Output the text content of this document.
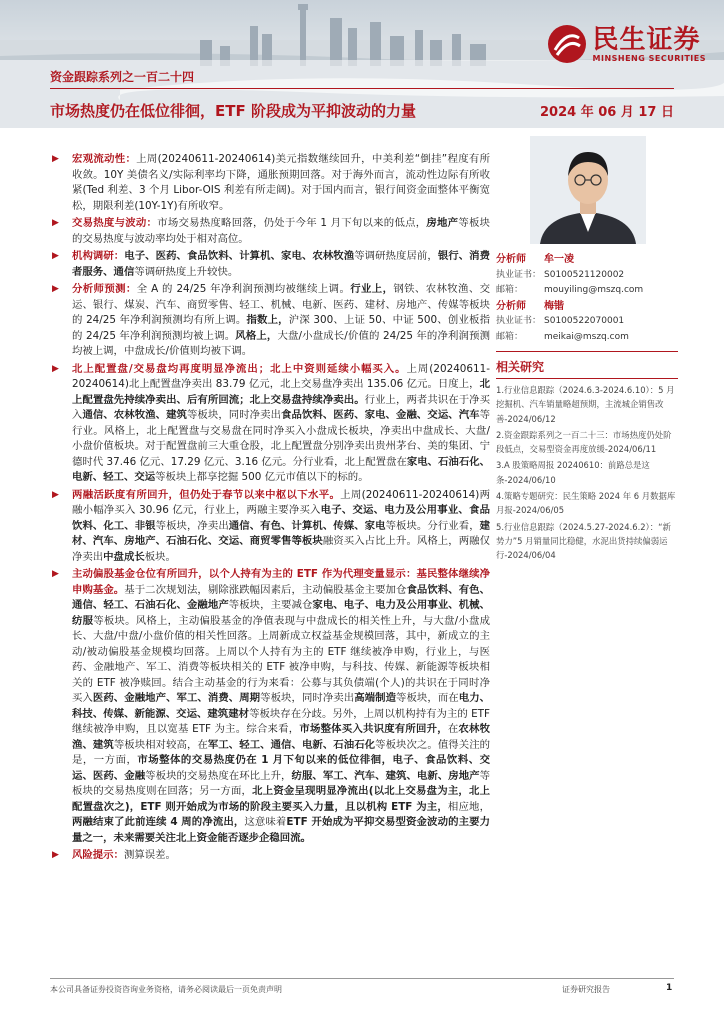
民生证券
MINSHENG SECURITIES
资金跟踪系列之一百二十四
市场热度仍在低位徘徊，ETF 阶段成为平抑波动的力量	2024 年 06 月 17 日

▶ 宏观流动性：上周(20240611-20240614)美元指数继续回升，中美利差“倒挂”程度有所收敛。10Y 美债名义/实际利率均下降，通胀预期回落。对于海外而言，流动性边际有所收紧(Ted 利差、3 个月 Libor-OIS 利差有所走阔)。对于国内而言，银行间资金面整体平衡宽松，期限利差(10Y-1Y)有所收窄。

▶ 交易热度与波动：市场交易热度略回落，仍处于今年 1 月下旬以来的低点，房地产等板块的交易热度与波动率均处于相对高位。

▶ 机构调研：电子、医药、食品饮料、计算机、家电、农林牧渔等调研热度居前，银行、消费者服务、通信等调研热度上升较快。

▶ 分析师预测：全 A 的 24/25 年净利润预测均被继续上调。行业上，钢铁、农林牧渔、交运、银行、煤炭、汽车、商贸零售、轻工、机械、电新、医药、建材、房地产、传媒等板块的 24/25 年净利润预测均有所上调。指数上，沪深 300、上证 50、中证 500、创业板指的 24/25 年净利润预测均被上调。风格上，大盘/小盘成长/价值的 24/25 年的净利润预测均被上调，中盘成长/价值则均被下调。

▶ 北上配置盘/交易盘均再度明显净流出；北上中资则延续小幅买入。上周(20240611-20240614)北上配置盘净卖出 83.79 亿元，北上交易盘净卖出 135.06 亿元。日度上，北上配置盘先持续净卖出、后有所回流；北上交易盘持续净卖出。行业上，两者共识在于净买入通信、农林牧渔、建筑等板块，同时净卖出食品饮料、医药、家电、金融、交运、汽车等行业。风格上，北上配置盘与交易盘在同时净买入小盘成长板块，净卖出中盘成长、大盘/小盘价值板块。对于配置盘前三大重仓股，北上配置盘分别净卖出贵州茅台、美的集团、宁德时代 37.46 亿元、17.29 亿元、3.16 亿元。分行业看，北上配置盘在家电、石油石化、电新、轻工、交运等板块上都享挖掘 500 亿元市值以下的标的。

▶ 两融活跃度有所回升，但仍处于春节以来中枢以下水平。上周(20240611-20240614)两融小幅净买入 30.96 亿元，行业上，两融主要净买入电子、交运、电力及公用事业、食品饮料、化工、非银等板块，净卖出通信、有色、计算机、传媒、家电等板块。分行业看，建材、汽车、房地产、石油石化、交运、商贸零售等板块融资买入占比上升。风格上，两融仅净卖出中盘成长板块。

▶ 主动偏股基金仓位有所回升，以个人持有为主的 ETF 作为代理变量显示：基民整体继续净申购基金。基于二次规划法，剔除涨跌幅因素后，主动偏股基金主要加仓食品饮料、有色、通信、轻工、石油石化、金融地产等板块，主要减仓家电、电子、电力及公用事业、机械、纺服等板块。风格上，主动偏股基金的净值表现与中盘成长的相关性上升，与大盘/小盘成长、大盘/中盘/小盘价值的相关性回落。上周新成立权益基金规模回落，其中，新成立的主动/被动偏股基金规模均回落。上周以个人持有为主的 ETF 继续被净申购，行业上，与医药、金融地产、军工、消费等板块相关的 ETF 被净申购，与科技、传媒、新能源等板块相关的 ETF 被净赎回。结合主动基金的行为来看：公募与其负债端(个人)的共识在于同时净买入医药、金融地产、军工、消费、周期等板块，同时净卖出高端制造等板块，而在电力、科技、传媒、新能源、交运、建筑建材等板块存在分歧。另外，上周以机构持有为主的 ETF 继续被净申购，且以宽基 ETF 为主。综合来看，市场整体买入共识度有所回升，在农林牧渔、建筑等板块相对较高，在军工、轻工、通信、电新、石油石化等板块次之。值得关注的是，一方面，市场整体的交易热度仍在 1 月下旬以来的低位徘徊，电子、食品饮料、交运、医药、金融等板块的交易热度在环比上升，纺服、军工、汽车、建筑、电新、房地产等板块的交易热度则在回落；另一方面，北上资金呈现明显净流出(以北上交易盘为主，北上配置盘次之)，ETF 则开始成为市场的阶段主要买入力量，且以机构 ETF 为主，相应地，两融结束了此前连续 4 周的净流出，这意味着ETF 开始成为平抑交易型资金波动的主要力量之一，未来需要关注北上资金能否逐步企稳回流。

▶ 风险提示：测算误差。

分析师	牟一凌
执业证书： S0100521120002
邮箱：	mouyiling@mszq.com
分析师	梅锴
执业证书： S0100522070001
邮箱：	meikai@mszq.com
相关研究
1.行业信息跟踪（2024.6.3-2024.6.10）：5 月挖掘机、汽车销量略超预期，主流城企销售改善-2024/06/12
2.资金跟踪系列之一百二十三：市场热度仍处阶段低点，交易型资金再度放缓-2024/06/11
3.A 股策略周报 20240610：前路总是这条-2024/06/10
4.策略专题研究：民生策略 2024 年 6 月数据库月报-2024/06/05
5.行业信息跟踪（2024.5.27-2024.6.2）：“新势力”5 月销量同比稳健，水泥出货持续偏弱运行-2024/06/04
本公司具备证券投资咨询业务资格，请务必阅读最后一页免责声明	证券研究报告	1
